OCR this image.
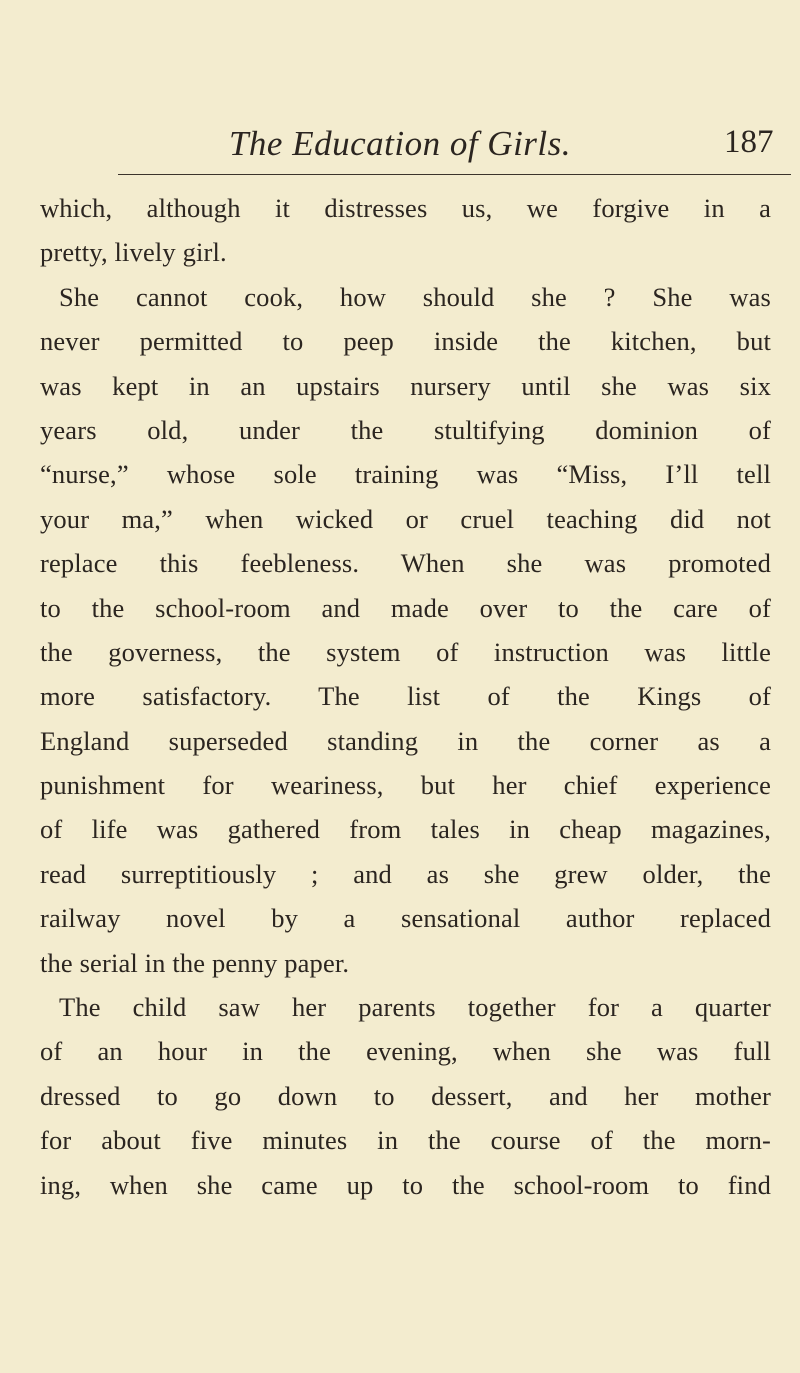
The Education of Girls.	187
which, although it distresses us, we forgive in a
pretty, lively girl.
She cannot cook, how should she ? She was
never permitted to peep inside the kitchen, but
was kept in an upstairs nursery until she was six
years old, under the stultifying dominion of
“nurse,” whose sole training was “Miss, I’ll tell
your ma,” when wicked or cruel teaching did not
replace this feebleness. When she was promoted
to the school-room and made over to the care of
the governess, the system of instruction was little
more satisfactory. The list of the Kings of
England superseded standing in the corner as a
punishment for weariness, but her chief experience
of life was gathered from tales in cheap magazines,
read surreptitiously ; and as she grew older, the
railway novel by a sensational author replaced
the serial in the penny paper.
The child saw her parents together for a quarter
of an hour in the evening, when she was full
dressed to go down to dessert, and her mother
for about five minutes in the course of the morn-
ing, when she came up to the school-room to find
